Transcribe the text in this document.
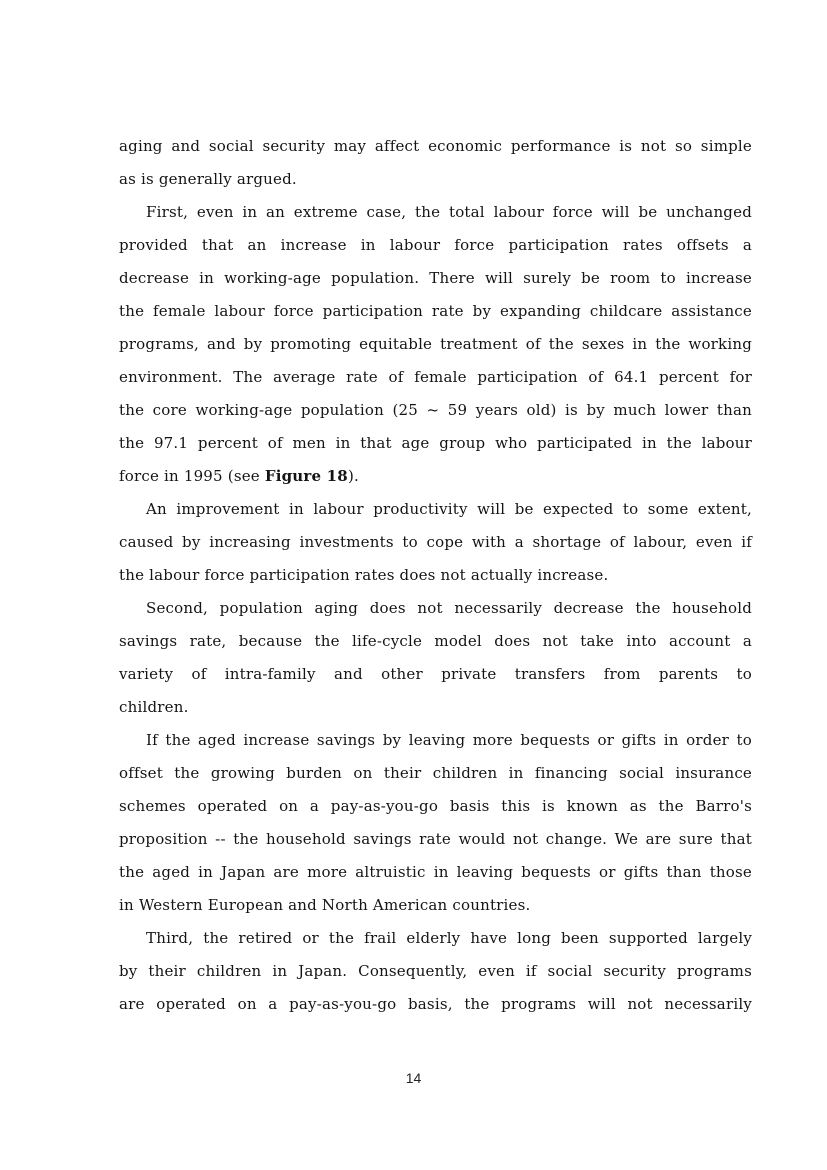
aging and social security may affect economic performance is not so simple
as is generally argued.
First, even in an extreme case, the total labour force will be unchanged
provided that an increase in labour force participation rates offsets a
decrease in working-age population. There will surely be room to increase
the female labour force participation rate by expanding childcare assistance
programs, and by promoting equitable treatment of the sexes in the working
environment. The average rate of female participation of 64.1 percent for
the core working-age population (25 ~ 59 years old) is by much lower than
the 97.1 percent of men in that age group who participated in the labour
force in 1995 (see Figure 18).
An improvement in labour productivity will be expected to some extent,
caused by increasing investments to cope with a shortage of labour, even if
the labour force participation rates does not actually increase.
Second, population aging does not necessarily decrease the household
savings rate, because the life-cycle model does not take into account a
variety of intra-family and other private transfers from parents to
children.
If the aged increase savings by leaving more bequests or gifts in order to
offset the growing burden on their children in financing social insurance
schemes operated on a pay-as-you-go basis this is known as the Barro's
proposition -- the household savings rate would not change. We are sure that
the aged in Japan are more altruistic in leaving bequests or gifts than those
in Western European and North American countries.
Third, the retired or the frail elderly have long been supported largely
by their children in Japan. Consequently, even if social security programs
are operated on a pay-as-you-go basis, the programs will not necessarily
14
